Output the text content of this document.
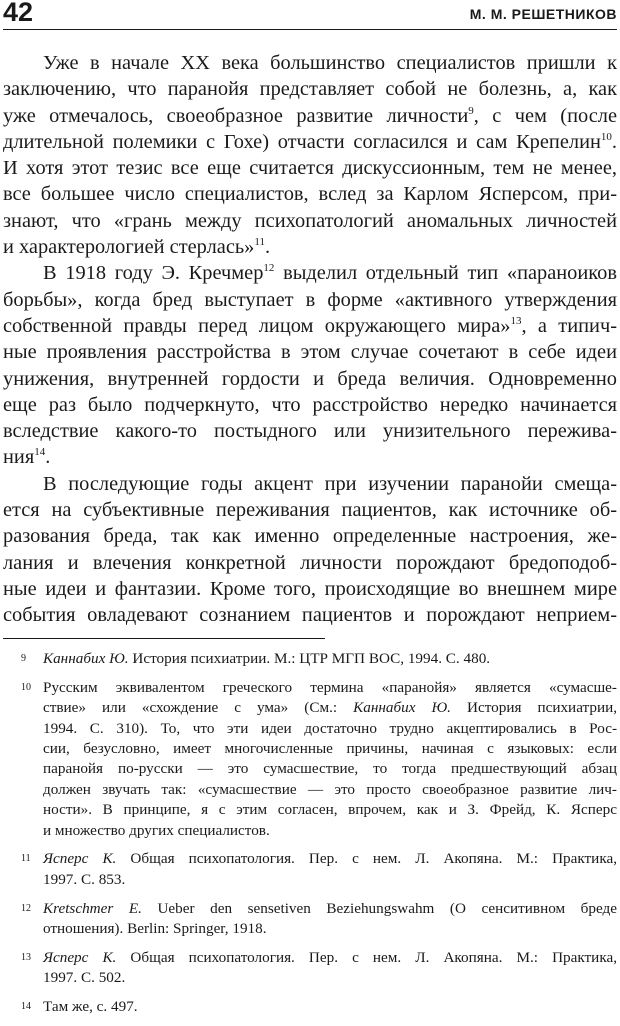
42	М. М. РЕШЕТНИКОВ
Уже в начале XX века большинство специалистов пришли к
заключению, что паранойя представляет собой не болезнь, а, как
уже отмечалось, своеобразное развитие личности$^9$, с чем (после
длительной полемики с Гохе) отчасти согласился и сам Крепелин$^{10}$.
И хотя этот тезис все еще считается дискуссионным, тем не менее,
все большее число специалистов, вслед за Карлом Ясперсом, при-
знают, что «грань между психопатологий аномальных личностей
и характерологией стерлась»$^{11}$.
В 1918 году Э. Кречмер$^{12}$ выделил отдельный тип «параноиков
борьбы», когда бред выступает в форме «активного утверждения
собственной правды перед лицом окружающего мира»$^{13}$, а типич-
ные проявления расстройства в этом случае сочетают в себе идеи
унижения, внутренней гордости и бреда величия. Одновременно
еще раз было подчеркнуто, что расстройство нередко начинается
вследствие какого-то постыдного или унизительного пережива-
ния$^{14}$.
В последующие годы акцент при изучении паранойи смеща-
ется на субъективные переживания пациентов, как источнике об-
разования бреда, так как именно определенные настроения, же-
лания и влечения конкретной личности порождают бредоподоб-
ные идеи и фантазии. Кроме того, происходящие во внешнем мире
события овладевают сознанием пациентов и порождают неприем-
9 Каннабих Ю. История психиатрии. М.: ЦТР МГП ВОС, 1994. С. 480.
10 Русским эквивалентом греческого термина «паранойя» является «сумасше-
ствие» или «схождение с ума» (См.: Каннабих Ю. История психиатрии,
1994. С. 310). То, что эти идеи достаточно трудно акцептировались в Рос-
сии, безусловно, имеет многочисленные причины, начиная с языковых: если
паранойя по-русски — это сумасшествие, то тогда предшествующий абзац
должен звучать так: «сумасшествие — это просто своеобразное развитие лич-
ности». В принципе, я с этим согласен, впрочем, как и З. Фрейд, К. Ясперс
и множество других специалистов.
11 Ясперс К. Общая психопатология. Пер. с нем. Л. Акопяна. М.: Практика,
1997. С. 853.
12 Kretschmer E. Ueber den sensetiven Beziehungswahm (О сенситивном бреде
отношения). Berlin: Springer, 1918.
13 Ясперс К. Общая психопатология. Пер. с нем. Л. Акопяна. М.: Практика,
1997. С. 502.
14 Там же, с. 497.
